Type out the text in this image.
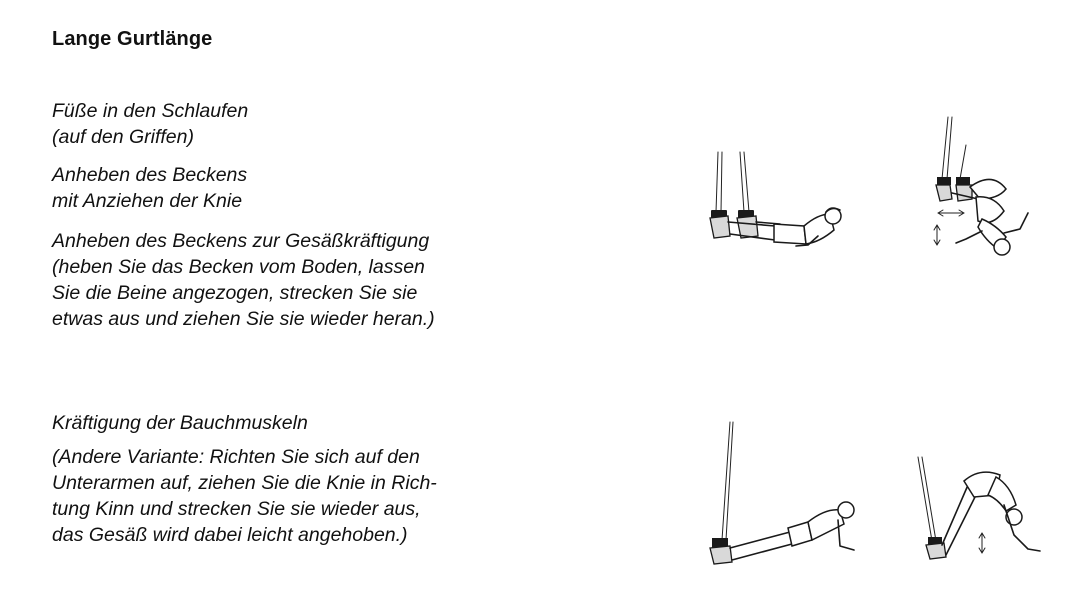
Lange Gurtlänge
Füße in den Schlaufen
(auf den Griffen)
Anheben des Beckens
mit Anziehen der Knie
Anheben des Beckens zur Gesäßkräftigung
(heben Sie das Becken vom Boden, lassen
Sie die Beine angezogen, strecken Sie sie
etwas aus und ziehen Sie sie wieder heran.)
Kräftigung der Bauchmuskeln
(Andere Variante: Richten Sie sich auf den
Unterarmen auf, ziehen Sie die Knie in Rich-
tung Kinn und strecken Sie sie wieder aus,
das Gesäß wird dabei leicht angehoben.)
